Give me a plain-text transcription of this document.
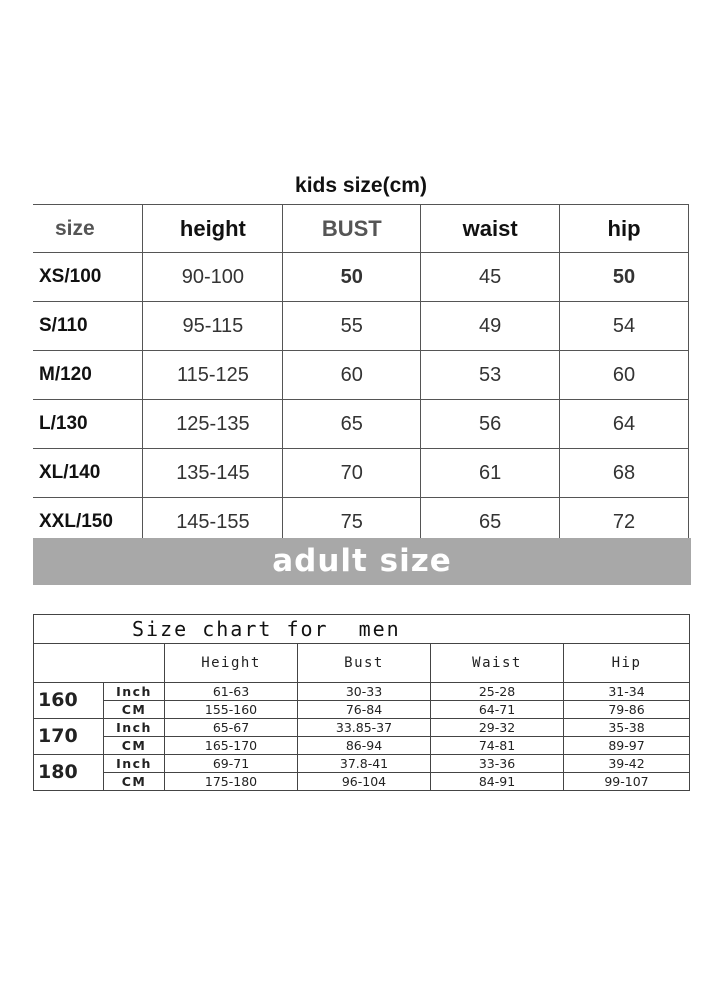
kids size(cm)
size	height	BUST	waist	hip
XS/100	90-100	50	45	50
S/110	95-115	55	49	54
M/120	115-125	60	53	60
L/130	125-135	65	56	64
XL/140	135-145	70	61	68
XXL/150	145-155	75	65	72
adult size
Size chart for men					
		Height	Bust	Waist	Hip
160	Inch	61-63	30-33	25-28	31-34
	CM	155-160	76-84	64-71	79-86
170	Inch	65-67	33.85-37	29-32	35-38
	CM	165-170	86-94	74-81	89-97
180	Inch	69-71	37.8-41	33-36	39-42
	CM	175-180	96-104	84-91	99-107
